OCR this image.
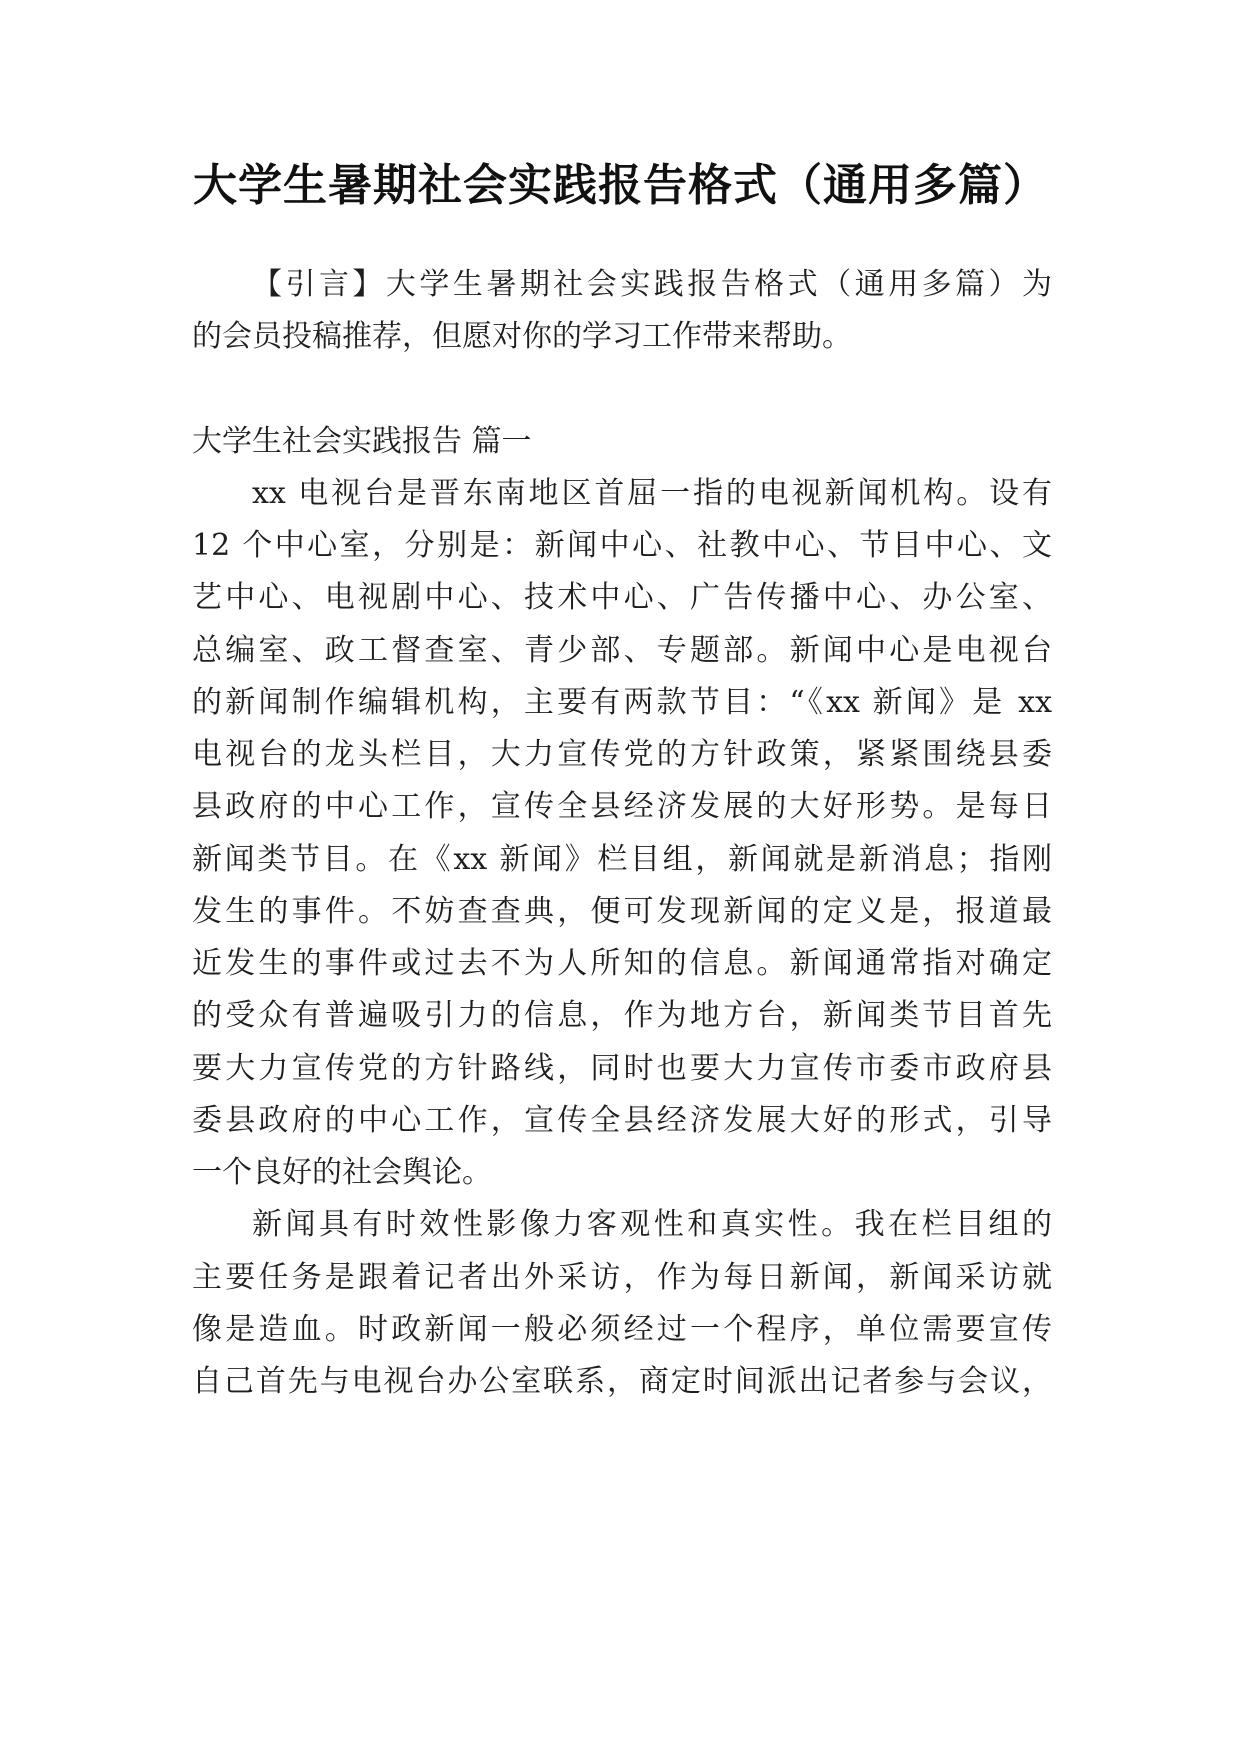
大学生暑期社会实践报告格式（通用多篇）

【引言】大学生暑期社会实践报告格式（通用多篇）为

的会员投稿推荐，但愿对你的学习工作带来帮助。

大学生社会实践报告 篇一

xx 电视台是晋东南地区首屈一指的电视新闻机构。设有

12 个中心室，分别是：新闻中心、社教中心、节目中心、文

艺中心、电视剧中心、技术中心、广告传播中心、办公室、

总编室、政工督查室、青少部、专题部。新闻中心是电视台

的新闻制作编辑机构，主要有两款节目：“《xx 新闻》是 xx

电视台的龙头栏目，大力宣传党的方针政策，紧紧围绕县委

县政府的中心工作，宣传全县经济发展的大好形势。是每日

新闻类节目。在《xx 新闻》栏目组，新闻就是新消息；指刚

发生的事件。不妨查查典，便可发现新闻的定义是，报道最

近发生的事件或过去不为人所知的信息。新闻通常指对确定

的受众有普遍吸引力的信息，作为地方台，新闻类节目首先

要大力宣传党的方针路线，同时也要大力宣传市委市政府县

委县政府的中心工作，宣传全县经济发展大好的形式，引导

一个良好的社会舆论。

新闻具有时效性影像力客观性和真实性。我在栏目组的

主要任务是跟着记者出外采访，作为每日新闻，新闻采访就

像是造血。时政新闻一般必须经过一个程序，单位需要宣传

自己首先与电视台办公室联系，商定时间派出记者参与会议，
